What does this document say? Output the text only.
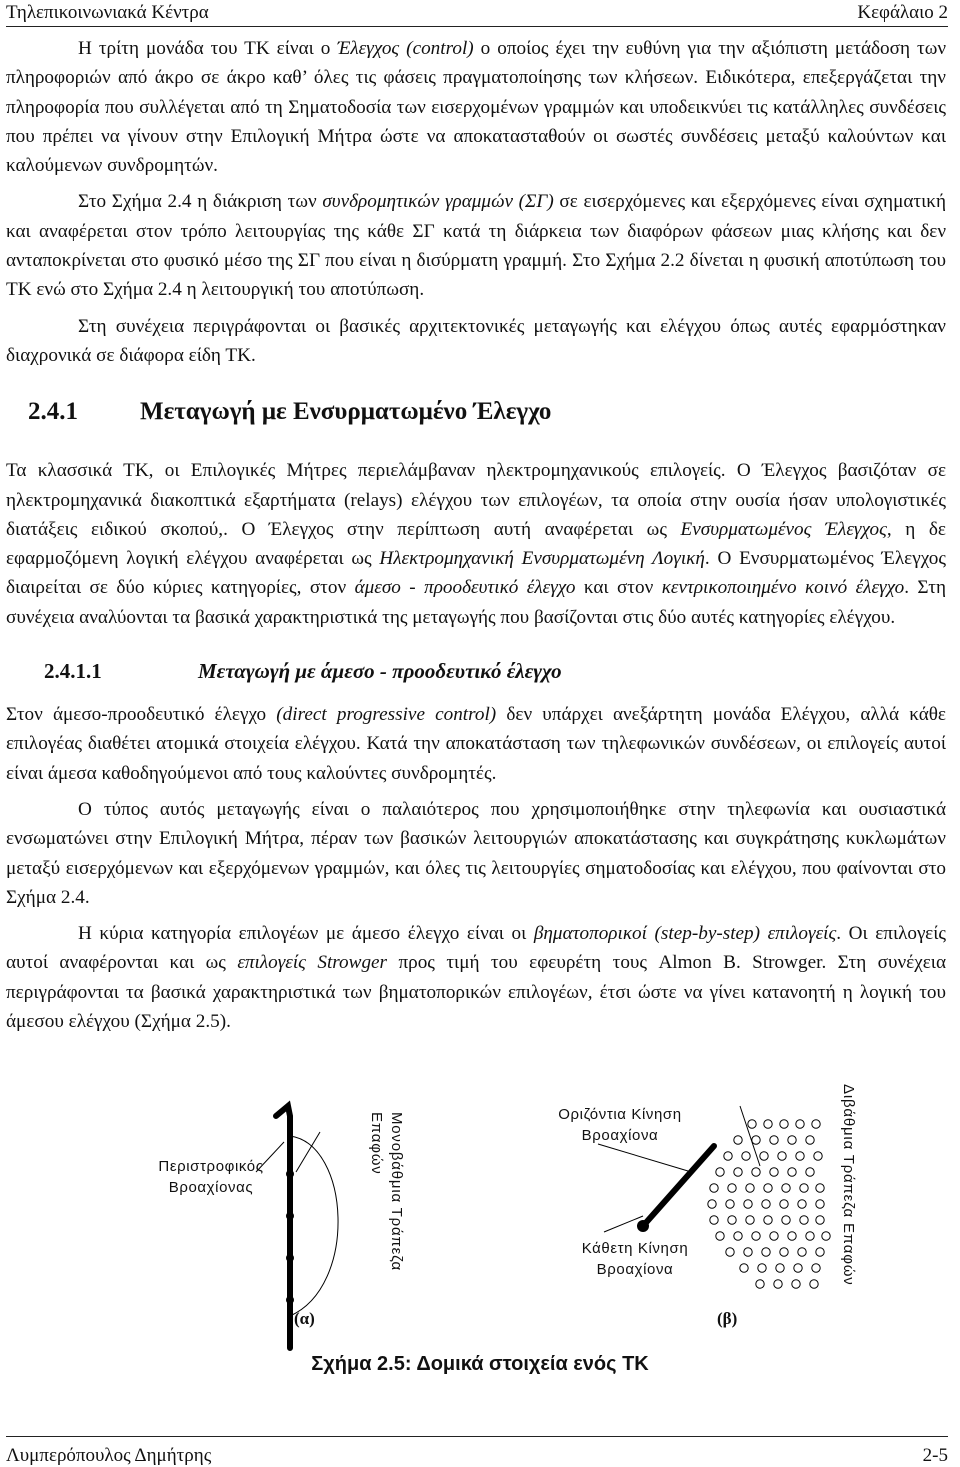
Τηλεπικοινωνιακά Κέντρα	Κεφάλαιο 2

Η τρίτη μονάδα του ΤΚ είναι ο Έλεγχος (control) ο οποίος έχει την ευθύνη για την αξιόπιστη μετάδοση των πληροφοριών από άκρο σε άκρο καθ’ όλες τις φάσεις πραγματοποίησης των κλήσεων. Ειδικότερα, επεξεργάζεται την πληροφορία που συλλέγεται από τη Σηματοδοσία των εισερχομένων γραμμών και υποδεικνύει τις κατάλληλες συνδέσεις που πρέπει να γίνουν στην Επιλογική Μήτρα ώστε να αποκατασταθούν οι σωστές συνδέσεις μεταξύ καλούντων και καλούμενων συνδρομητών.

Στο Σχήμα 2.4 η διάκριση των συνδρομητικών γραμμών (ΣΓ) σε εισερχόμενες και εξερχόμενες είναι σχηματική και αναφέρεται στον τρόπο λειτουργίας της κάθε ΣΓ κατά τη διάρκεια των διαφόρων φάσεων μιας κλήσης και δεν ανταποκρίνεται στο φυσικό μέσο της ΣΓ που είναι η δισύρματη γραμμή. Στο Σχήμα 2.2 δίνεται η φυσική αποτύπωση του ΤΚ ενώ στο Σχήμα 2.4 η λειτουργική του αποτύπωση.

Στη συνέχεια περιγράφονται οι βασικές αρχιτεκτονικές μεταγωγής και ελέγχου όπως αυτές εφαρμόστηκαν διαχρονικά σε διάφορα είδη ΤΚ.

2.4.1	Μεταγωγή με Ενσυρματωμένο Έλεγχο

Τα κλασσικά ΤΚ, οι Επιλογικές Μήτρες περιελάμβαναν ηλεκτρομηχανικούς επιλογείς. Ο Έλεγχος βασιζόταν σε ηλεκτρομηχανικά διακοπτικά εξαρτήματα (relays) ελέγχου των επιλογέων, τα οποία στην ουσία ήσαν υπολογιστικές διατάξεις ειδικού σκοπού,. Ο Έλεγχος στην περίπτωση αυτή αναφέρεται ως Ενσυρματωμένος Έλεγχος, η δε εφαρμοζόμενη λογική ελέγχου αναφέρεται ως Ηλεκτρομηχανική Ενσυρματωμένη Λογική. Ο Ενσυρματωμένος Έλεγχος διαιρείται σε δύο κύριες κατηγορίες, στον άμεσο - προοδευτικό έλεγχο και στον κεντρικοποιημένο κοινό έλεγχο. Στη συνέχεια αναλύονται τα βασικά χαρακτηριστικά της μεταγωγής που βασίζονται στις δύο αυτές κατηγορίες ελέγχου.

2.4.1.1	Μεταγωγή με άμεσο - προοδευτικό έλεγχο

Στον άμεσο-προοδευτικό έλεγχο (direct progressive control) δεν υπάρχει ανεξάρτητη μονάδα Ελέγχου, αλλά κάθε επιλογέας διαθέτει ατομικά στοιχεία ελέγχου. Κατά την αποκατάσταση των τηλεφωνικών συνδέσεων, οι επιλογείς αυτοί είναι άμεσα καθοδηγούμενοι από τους καλούντες συνδρομητές.

Ο τύπος αυτός μεταγωγής είναι ο παλαιότερος που χρησιμοποιήθηκε στην τηλεφωνία και ουσιαστικά ενσωματώνει στην Επιλογική Μήτρα, πέραν των βασικών λειτουργιών αποκατάστασης και συγκράτησης κυκλωμάτων μεταξύ εισερχόμενων και εξερχόμενων γραμμών, και όλες τις λειτουργίες σηματοδοσίας και ελέγχου, που φαίνονται στο Σχήμα 2.4.

Η κύρια κατηγορία επιλογέων με άμεσο έλεγχο είναι οι βηματοπορικοί (step-by-step) επιλογείς. Οι επιλογείς αυτοί αναφέρονται και ως επιλογείς Strowger προς τιμή του εφευρέτη τους Almon B. Strowger. Στη συνέχεια περιγράφονται τα βασικά χαρακτηριστικά των βηματοπορικών επιλογέων, έτσι ώστε να γίνει κατανοητή η λογική του άμεσου ελέγχου (Σχήμα 2.5).

Περιστροφικός
Βροαχίονας	Μονοβάθμια Τράπεζα
Επαφών	Οριζόντια Κίνηση
Βροαχίονα
Κάθετη Κίνηση
Βροαχίονα	Διβάθμια Τράπεζα Επαφών
(α)	(β)
Σχήμα 2.5: Δομικά στοιχεία ενός ΤΚ
Λυμπερόπουλος Δημήτρης	2-5
